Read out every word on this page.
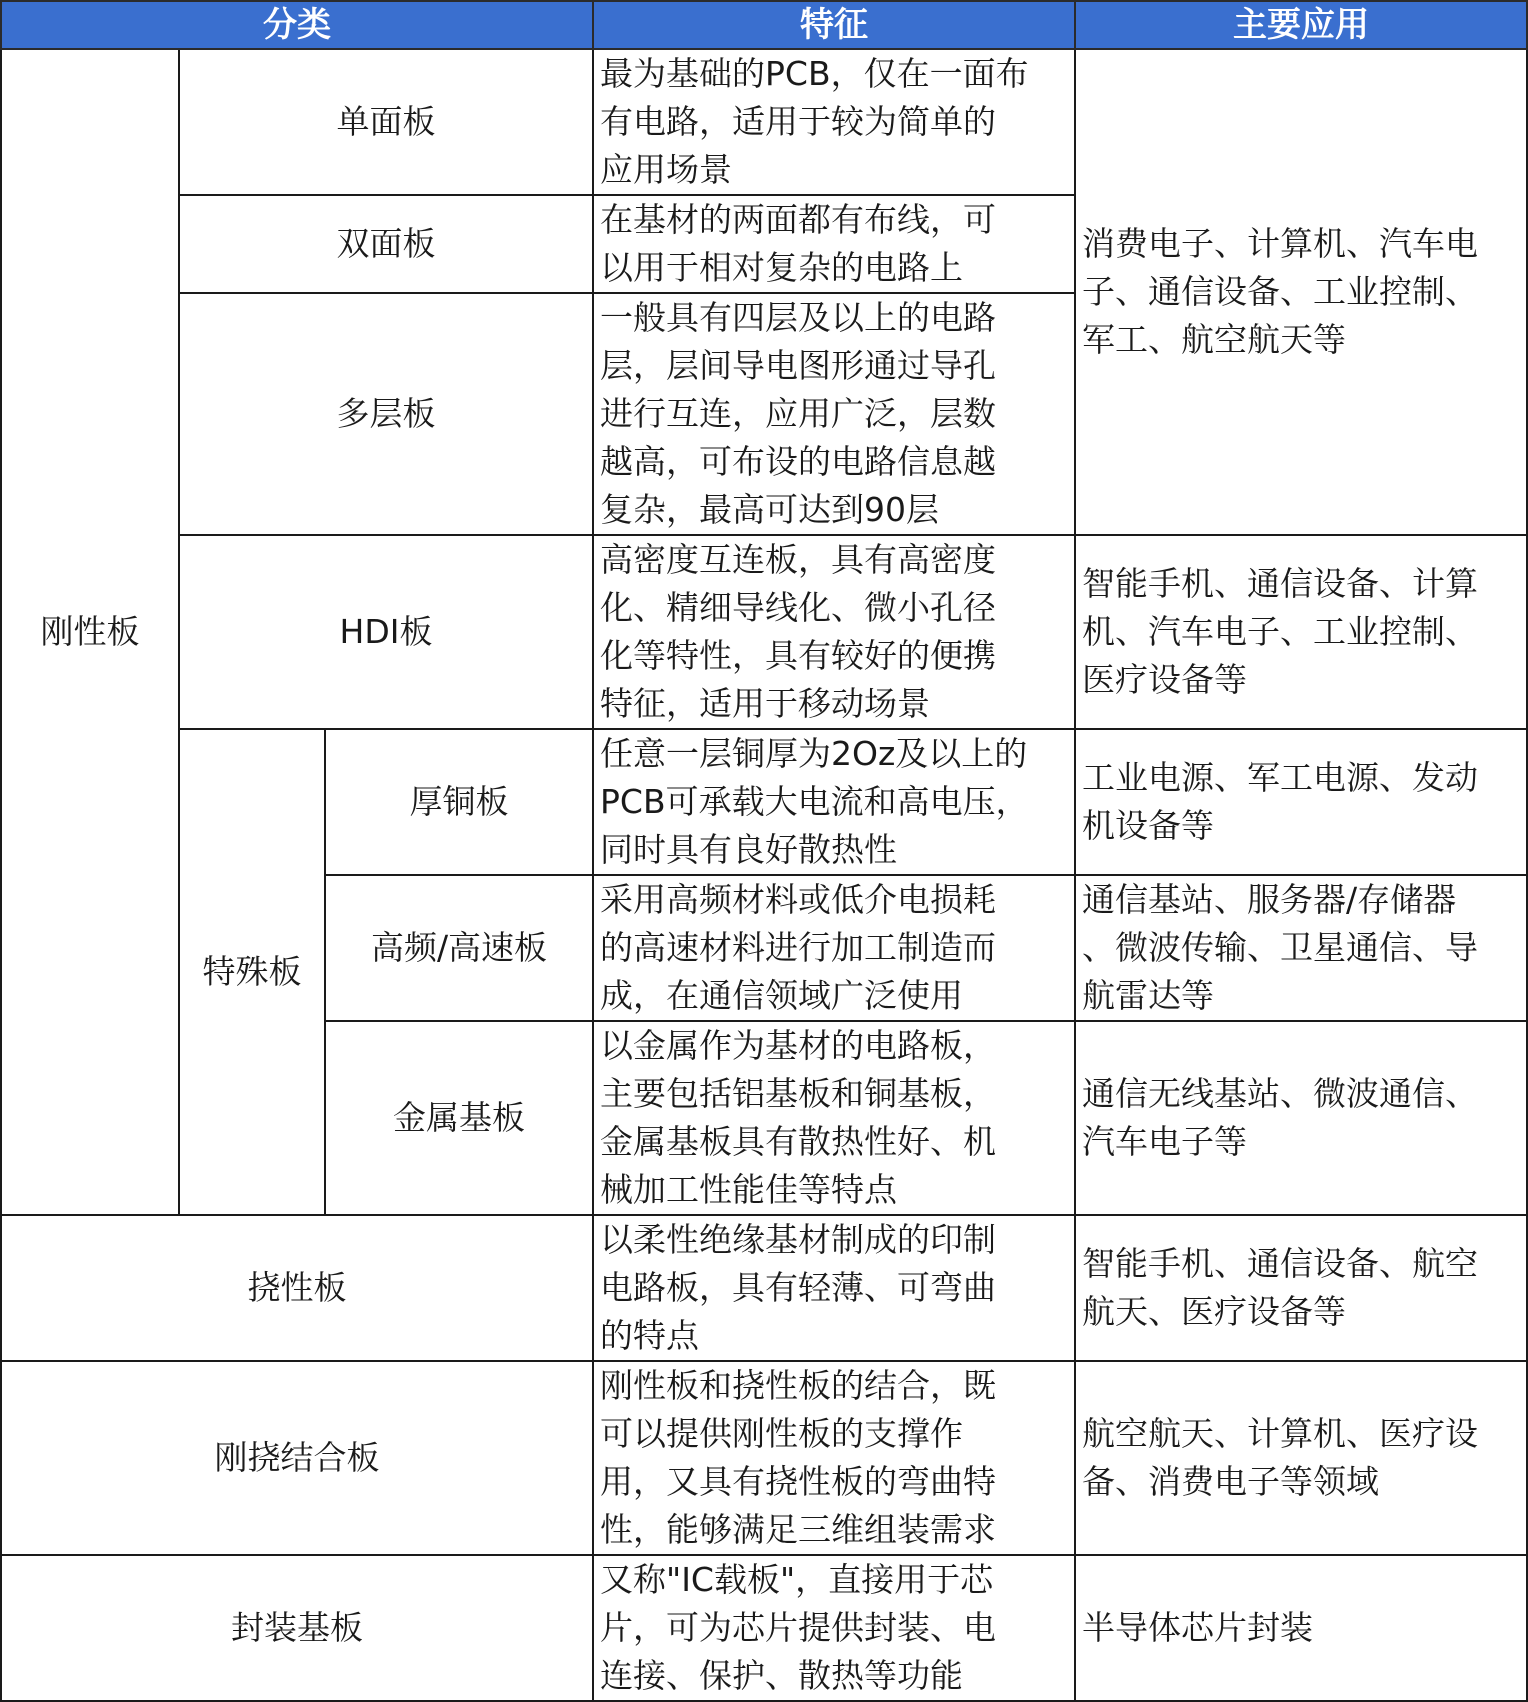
分类			特征	主要应用
刚性板	单面板		最为基础的PCB，仅在一面布
有电路，适用于较为简单的
应用场景	消费电子、计算机、汽车电
子、通信设备、工业控制、
军工、航空航天等
	双面板		在基材的两面都有布线，可
以用于相对复杂的电路上	
	多层板		一般具有四层及以上的电路
层，层间导电图形通过导孔
进行互连，应用广泛，层数
越高，可布设的电路信息越
复杂，最高可达到90层	
	HDI板		高密度互连板，具有高密度
化、精细导线化、微小孔径
化等特性，具有较好的便携
特征，适用于移动场景	智能手机、通信设备、计算
机、汽车电子、工业控制、
医疗设备等
	特殊板	厚铜板	任意一层铜厚为2Oz及以上的
PCB可承载大电流和高电压，
同时具有良好散热性	工业电源、军工电源、发动
机设备等
		高频/高速板	采用高频材料或低介电损耗
的高速材料进行加工制造而
成，在通信领域广泛使用	通信基站、服务器/存储器
、微波传输、卫星通信、导
航雷达等
		金属基板	以金属作为基材的电路板，
主要包括铝基板和铜基板，
金属基板具有散热性好、机
械加工性能佳等特点	通信无线基站、微波通信、
汽车电子等
挠性板			以柔性绝缘基材制成的印制
电路板，具有轻薄、可弯曲
的特点	智能手机、通信设备、航空
航天、医疗设备等
刚挠结合板			刚性板和挠性板的结合，既
可以提供刚性板的支撑作
用，又具有挠性板的弯曲特
性，能够满足三维组装需求	航空航天、计算机、医疗设
备、消费电子等领域
封装基板			又称"IC载板"，直接用于芯
片，可为芯片提供封装、电
连接、保护、散热等功能	半导体芯片封装
